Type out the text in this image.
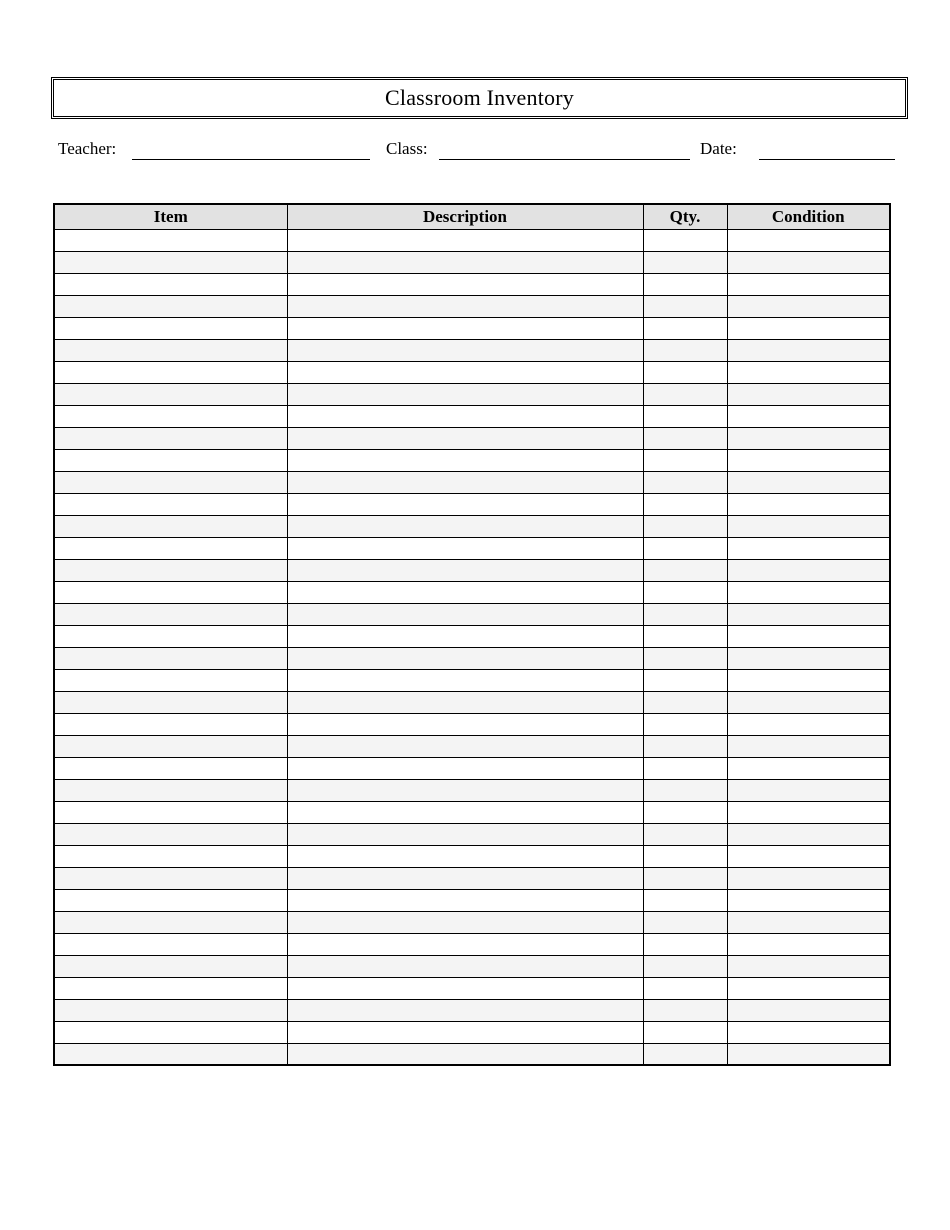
Classroom Inventory
Teacher:	Class:	Date:
Item	Description	Qty.	Condition
